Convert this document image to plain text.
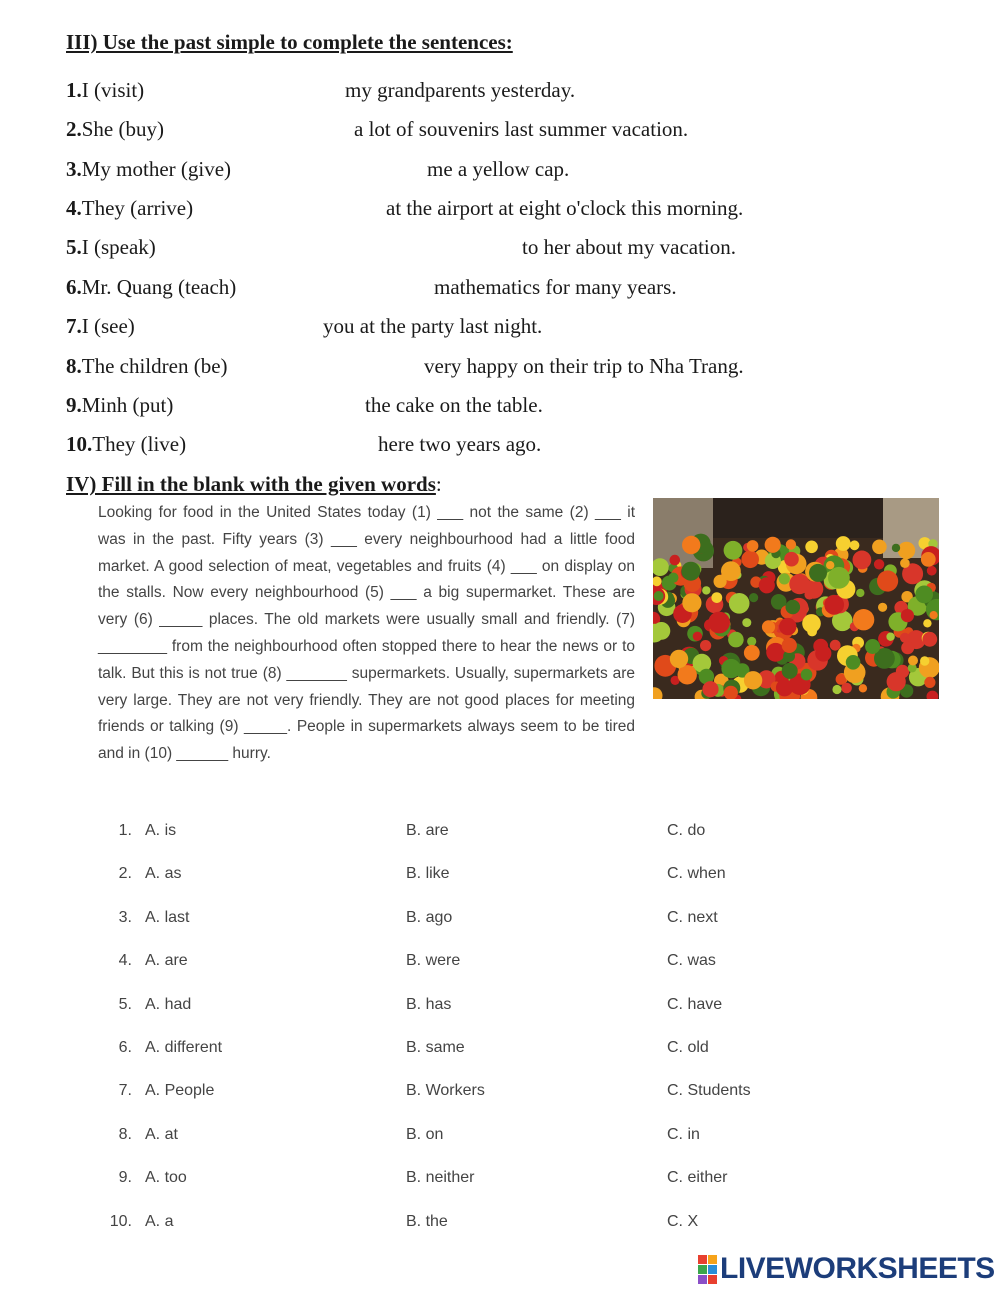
III) Use the past simple to complete the sentences:
1.I (visit)	my grandparents yesterday.
2.She (buy)	a lot of souvenirs last summer vacation.
3.My mother (give)	me a yellow cap.
4.They (arrive)	at the airport at eight o'clock this morning.
5.I (speak)	to her about my vacation.
6.Mr. Quang (teach)	mathematics for many years.
7.I (see)	you at the party last night.
8.The children (be)	very happy on their trip to Nha Trang.
9.Minh (put)	the cake on the table.
10.They (live)	here two years ago.
IV) Fill in the blank with the given words:
Looking for food in the United States today (1) ___ not the same (2) ___ it was in the past. Fifty years (3) ___ every neighbourhood had a little food market. A good selection of meat, vegetables and fruits (4) ___ on display on the stalls. Now every neighbourhood (5) ___ a big supermarket. These are very (6) _____ places. The old markets were usually small and friendly. (7) ________ from the neighbourhood often stopped there to hear the news or to talk. But this is not true (8) _______ supermarkets. Usually, supermarkets are very large. They are not very friendly. They are not good places for meeting friends or talking (9) _____. People in supermarkets always seem to be tired and in (10) ______ hurry.
1. A. is	B. are	C. do
2. A. as	B. like	C. when
3. A. last	B. ago	C. next
4. A. are	B. were	C. was
5. A. had	B. has	C. have
6. A. different	B. same	C. old
7. A. People	B. Workers	C. Students
8. A. at	B. on	C. in
9. A. too	B. neither	C. either
10. A. a	B. the	C. X
LIVEWORKSHEETS
